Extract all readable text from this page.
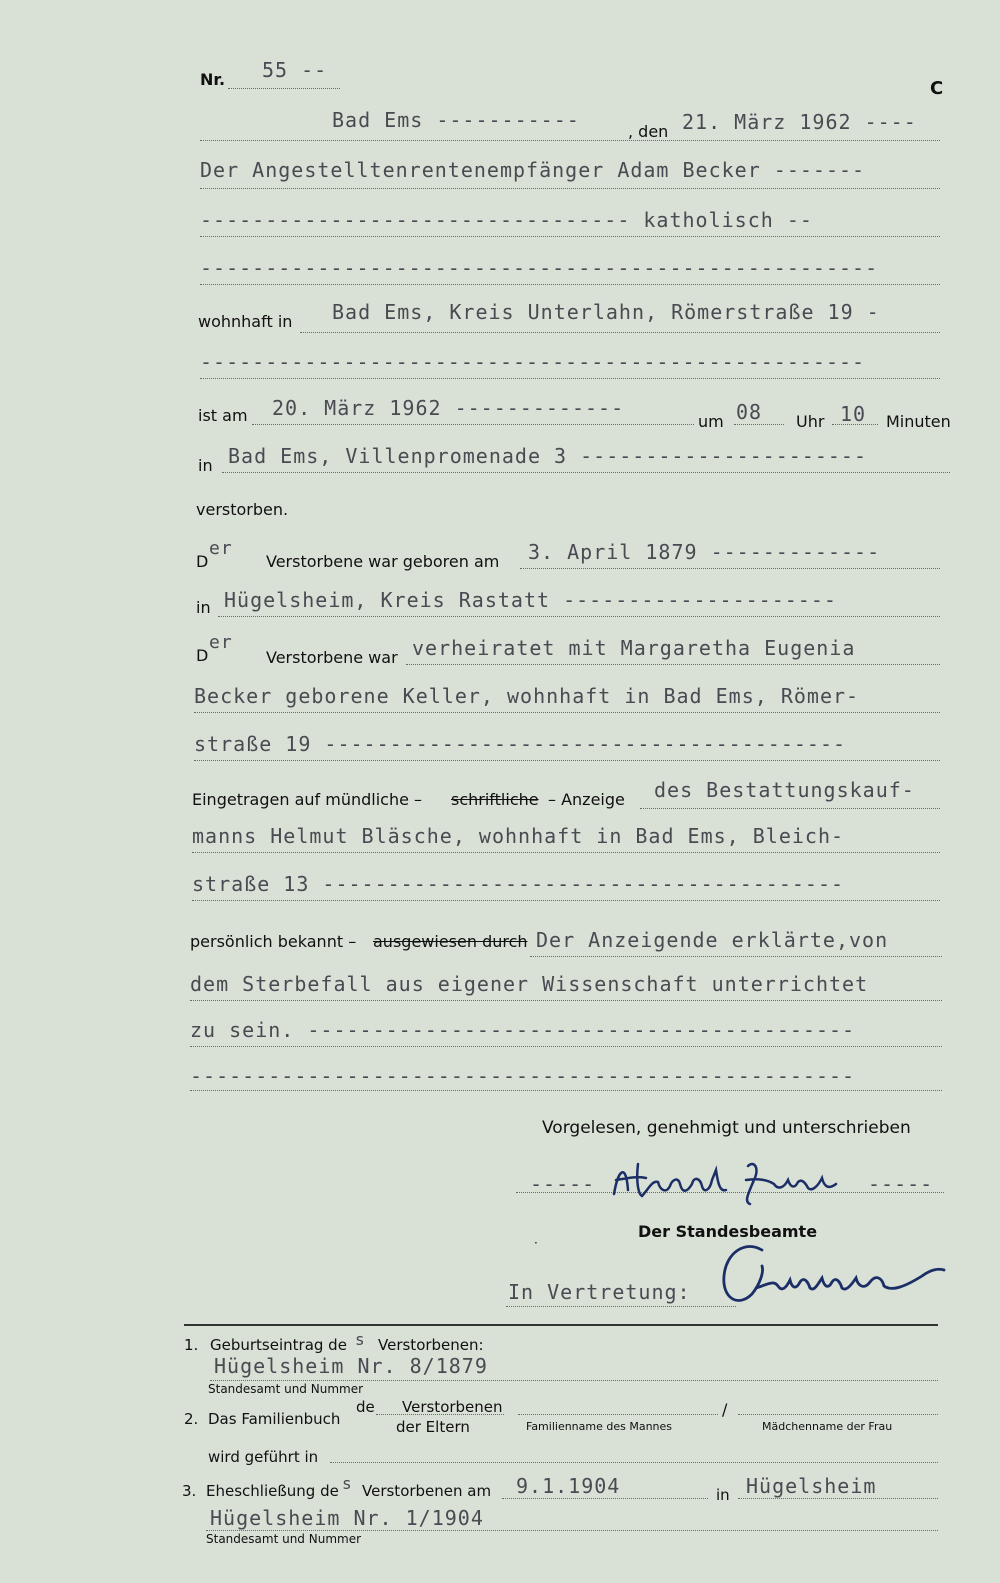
Nr. 55 --
C
Bad Ems -----------	, den 21. März 1962 ----
Der Angestelltenrentenempfänger Adam Becker -------
--------------------------------- katholisch --
----------------------------------------------------
wohnhaft in Bad Ems, Kreis Unterlahn, Römerstraße 19 -
---------------------------------------------------
ist am 20. März 1962 -------------
um 08 Uhr 10 Minuten
in Bad Ems, Villenpromenade 3 ----------------------
verstorben.
D
er
Verstorbene war geboren am 3. April 1879 -------------
in Hügelsheim, Kreis Rastatt ---------------------
D
er
Verstorbene war verheiratet mit Margaretha Eugenia
Becker geborene Keller, wohnhaft in Bad Ems, Römer-
straße 19 ----------------------------------------
Eingetragen auf mündliche – schriftliche – Anzeige des Bestattungskauf-
manns Helmut Bläsche, wohnhaft in Bad Ems, Bleich-
straße 13 ----------------------------------------
persönlich bekannt – ausgewiesen durch Der Anzeigende erklärte,von
dem Sterbefall aus eigener Wissenschaft unterrichtet
zu sein. ------------------------------------------
---------------------------------------------------
Vorgelesen, genehmigt und unterschrieben
-----	-----
Der Standesbeamte
·
In Vertretung:
1. Geburtseintrag de s Verstorbenen:
Hügelsheim Nr. 8/1879
Standesamt und Nummer
2. Das Familienbuch
de Verstorbenen
der Eltern	Familienname des Mannes
/
Mädchenname der Frau
wird geführt in
3. Eheschließung de s Verstorbenen am 9.1.1904	in Hügelsheim
Hügelsheim Nr. 1/1904
Standesamt und Nummer
